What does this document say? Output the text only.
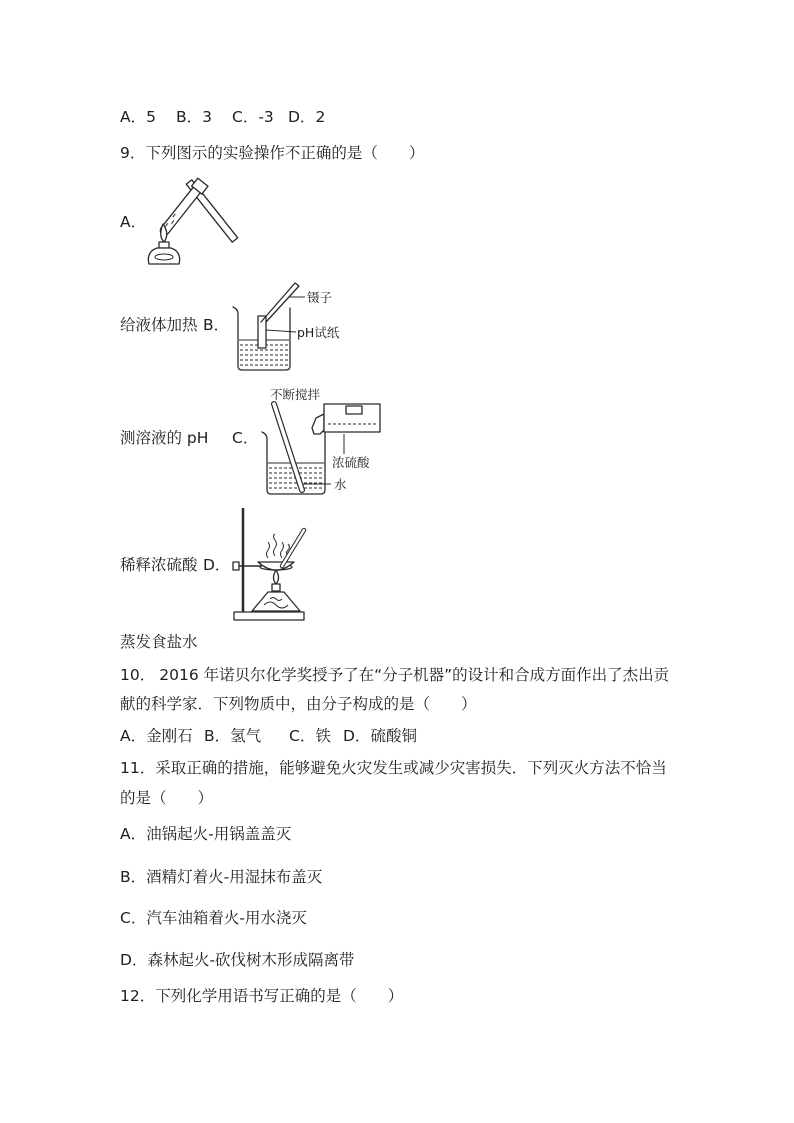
A．5 B．3 C．-3 D．2
9．下列图示的实验操作不正确的是（　　）
A．
给液体加热 B．
镊子
pH试纸
测溶液的 pH C．
不断搅拌
浓硫酸
水
稀释浓硫酸 D．
蒸发食盐水
10． 2016 年诺贝尔化学奖授予了在“分子机器”的设计和合成方面作出了杰出贡
献的科学家．下列物质中，由分子构成的是（　　）
A．金刚石 B．氢气 C．铁 D．硫酸铜
11．采取正确的措施，能够避免火灾发生或减少灾害损失．下列灭火方法不恰当
的是（　　）
A．油锅起火-用锅盖盖灭
B．酒精灯着火-用湿抹布盖灭
C．汽车油箱着火-用水浇灭
D．森林起火-砍伐树木形成隔离带
12．下列化学用语书写正确的是（　　）
